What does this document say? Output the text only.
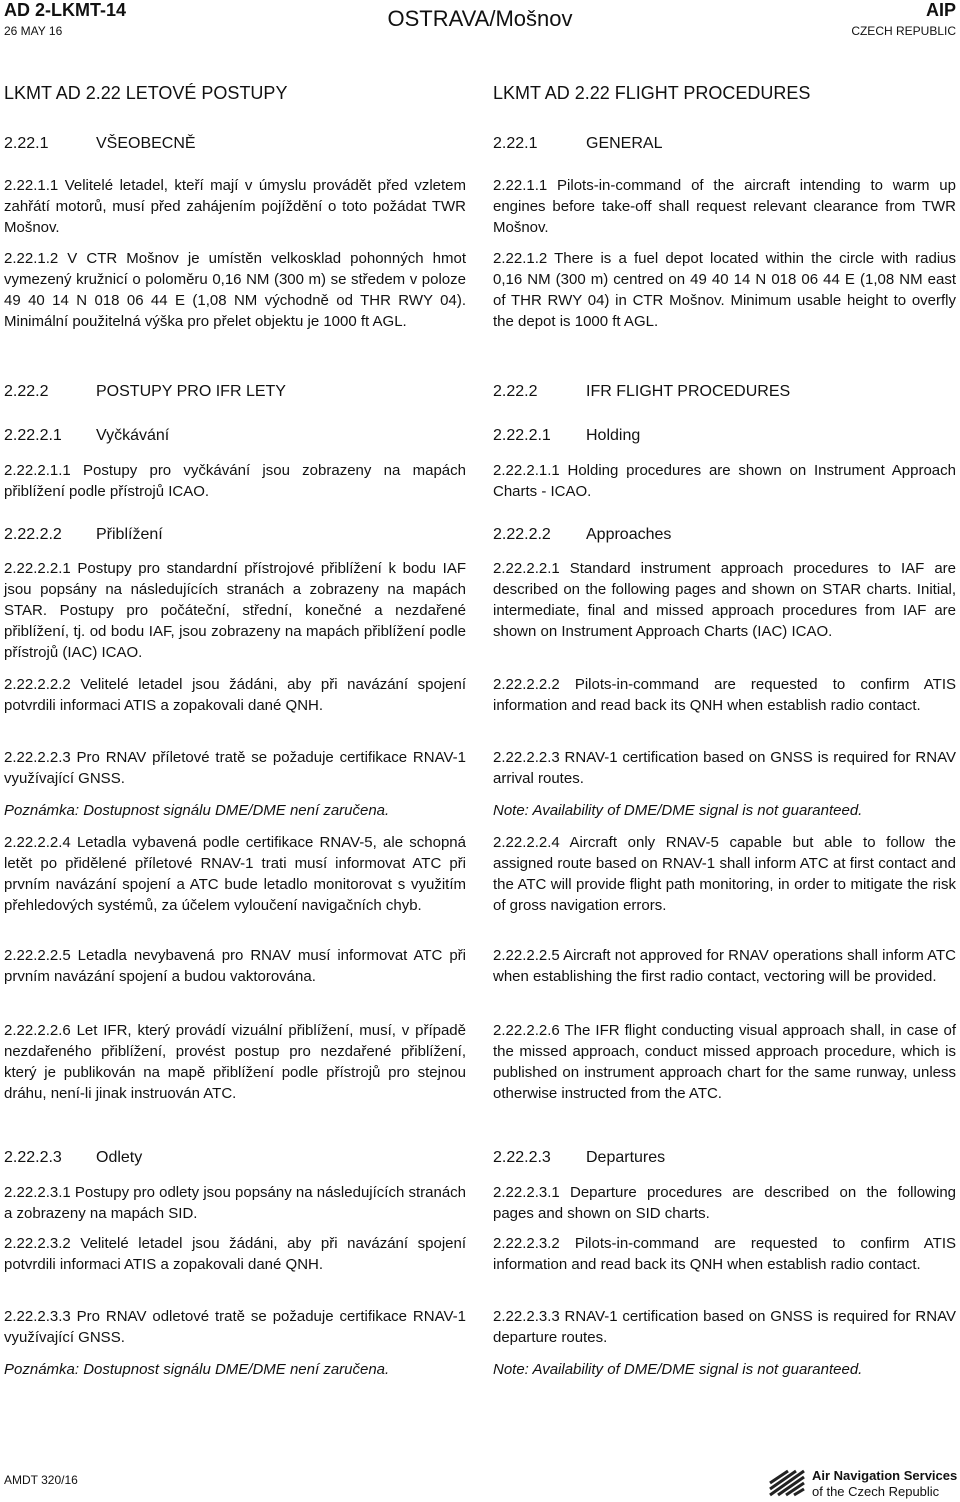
AD 2-LKMT-14
26 MAY 16	OSTRAVA/Mošnov	AIP
CZECH REPUBLIC
LKMT AD 2.22 LETOVÉ POSTUPY
2.22.1	VŠEOBECNĚ
2.22.1.1 Velitelé letadel, kteří mají v úmyslu provádět před vzletem zahřátí motorů, musí před zahájením pojíždění o toto požádat TWR Mošnov.
2.22.1.2 V CTR Mošnov je umístěn velkosklad pohonných hmot vymezený kružnicí o poloměru 0,16 NM (300 m) se středem v poloze 49 40 14 N 018 06 44 E (1,08 NM východně od THR RWY 04). Minimální použitelná výška pro přelet objektu je 1000 ft AGL.
2.22.2	POSTUPY PRO IFR LETY
2.22.2.1 Vyčkávání
2.22.2.1.1 Postupy pro vyčkávání jsou zobrazeny na mapách přiblížení podle přístrojů ICAO.
2.22.2.2 Přiblížení
2.22.2.2.1 Postupy pro standardní přístrojové přiblížení k bodu IAF jsou popsány na následujících stranách a zobrazeny na mapách STAR. Postupy pro počáteční, střední, konečné a nezdařené přiblížení, tj. od bodu IAF, jsou zobrazeny na mapách přiblížení podle přístrojů (IAC) ICAO.
2.22.2.2.2 Velitelé letadel jsou žádáni, aby při navázání spojení potvrdili informaci ATIS a zopakovali dané QNH.
2.22.2.2.3 Pro RNAV příletové tratě se požaduje certifikace RNAV-1 využívající GNSS.
Poznámka: Dostupnost signálu DME/DME není zaručena.
2.22.2.2.4 Letadla vybavená podle certifikace RNAV-5, ale schopná letět po přidělené příletové RNAV-1 trati musí informovat ATC při prvním navázání spojení a ATC bude letadlo monitorovat s využitím přehledových systémů, za účelem vyloučení navigačních chyb.
2.22.2.2.5 Letadla nevybavená pro RNAV musí informovat ATC při prvním navázání spojení a budou vaktorována.
2.22.2.2.6 Let IFR, který provádí vizuální přiblížení, musí, v případě nezdařeného přiblížení, provést postup pro nezdařené přiblížení, který je publikován na mapě přiblížení podle přístrojů pro stejnou dráhu, není-li jinak instruován ATC.
2.22.2.3 Odlety
2.22.2.3.1 Postupy pro odlety jsou popsány na následujících stranách a zobrazeny na mapách SID.
2.22.2.3.2 Velitelé letadel jsou žádáni, aby při navázání spojení potvrdili informaci ATIS a zopakovali dané QNH.
2.22.2.3.3 Pro RNAV odletové tratě se požaduje certifikace RNAV-1 využívající GNSS.
Poznámka: Dostupnost signálu DME/DME není zaručena.
LKMT AD 2.22 FLIGHT PROCEDURES
2.22.1	GENERAL
2.22.1.1 Pilots-in-command of the aircraft intending to warm up engines before take-off shall request relevant clearance from TWR Mošnov.
2.22.1.2 There is a fuel depot located within the circle with radius 0,16 NM (300 m) centred on 49 40 14 N 018 06 44 E (1,08 NM east of THR RWY 04) in CTR Mošnov. Minimum usable height to overfly the depot is 1000 ft AGL.
2.22.2	IFR FLIGHT PROCEDURES
2.22.2.1 Holding
2.22.2.1.1 Holding procedures are shown on Instrument Approach Charts - ICAO.
2.22.2.2 Approaches
2.22.2.2.1 Standard instrument approach procedures to IAF are described on the following pages and shown on STAR charts. Initial, intermediate, final and missed approach procedures from IAF are shown on Instrument Approach Charts (IAC) ICAO.
2.22.2.2.2 Pilots-in-command are requested to confirm ATIS information and read back its QNH when establish radio contact.
2.22.2.2.3 RNAV-1 certification based on GNSS is required for RNAV arrival routes.
Note: Availability of DME/DME signal is not guaranteed.
2.22.2.2.4 Aircraft only RNAV-5 capable but able to follow the assigned route based on RNAV-1 shall inform ATC at first contact and the ATC will provide flight path monitoring, in order to mitigate the risk of gross navigation errors.
2.22.2.2.5 Aircraft not approved for RNAV operations shall inform ATC when establishing the first radio contact, vectoring will be provided.
2.22.2.2.6 The IFR flight conducting visual approach shall, in case of the missed approach, conduct missed approach procedure, which is published on instrument approach chart for the same runway, unless otherwise instructed from the ATC.
2.22.2.3 Departures
2.22.2.3.1 Departure procedures are described on the following pages and shown on SID charts.
2.22.2.3.2 Pilots-in-command are requested to confirm ATIS information and read back its QNH when establish radio contact.
2.22.2.3.3 RNAV-1 certification based on GNSS is required for RNAV departure routes.
Note: Availability of DME/DME signal is not guaranteed.
AMDT 320/16	Air Navigation Services
of the Czech Republic
